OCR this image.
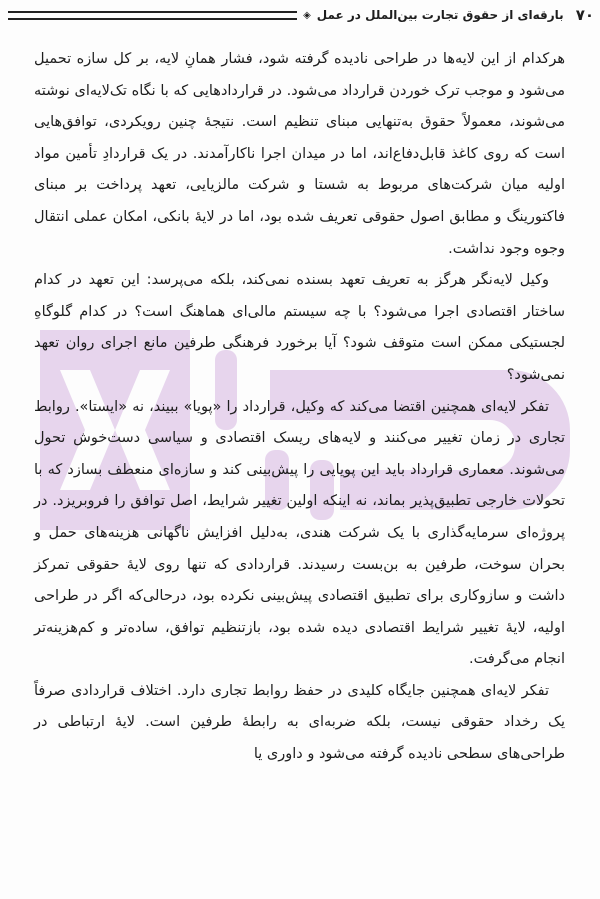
۷۰
بارقه‌ای از حقوق تجارت بین‌الملل در عمل
◈

هرکدام از این لایه‌ها در طراحی نادیده گرفته شود، فشار همانِ لایه، بر کل سازه تحمیل می‌شود و موجب ترک خوردن قرارداد می‌شود. در قراردادهایی که با نگاه تک‌لایه‌ای نوشته می‌شوند، معمولاً حقوق به‌تنهایی مبنای تنظیم است. نتیجهٔ چنین رویکردی، توافق‌هایی است که روی کاغذ قابل‌دفاع‌اند، اما در میدان اجرا ناکارآمدند. در یک قراردادِ تأمین مواد اولیه میان شرکت‌های مربوط به شستا و شرکت مالزیایی، تعهد پرداخت بر مبنای فاکتورینگ و مطابق اصول حقوقی تعریف شده بود، اما در لایهٔ بانکی، امکان عملی انتقال وجوه وجود نداشت.

وکیل لایه‌نگر هرگز به تعریف تعهد بسنده نمی‌کند، بلکه می‌پرسد: این تعهد در کدام ساختار اقتصادی اجرا می‌شود؟ با چه سیستم مالی‌ای هماهنگ است؟ در کدام گلوگاهِ لجستیکی ممکن است متوقف شود؟ آیا برخورد فرهنگی طرفین مانع اجرای روان تعهد نمی‌شود؟

تفکر لایه‌ای همچنین اقتضا می‌کند که وکیل، قرارداد را «پویا» ببیند، نه «ایستا». روابط تجاری در زمان تغییر می‌کنند و لایه‌های ریسک اقتصادی و سیاسی دست‌خوش تحول می‌شوند. معماری قرارداد باید این پویایی را پیش‌بینی کند و سازه‌ای منعطف بسازد که با تحولات خارجی تطبیق‌پذیر بماند، نه اینکه اولین تغییر شرایط، اصل توافق را فروبریزد. در پروژه‌ای سرمایه‌گذاری با یک شرکت هندی، به‌دلیل افزایش ناگهانی هزینه‌های حمل و بحران سوخت، طرفین به بن‌بست رسیدند. قراردادی که تنها روی لایهٔ حقوقی تمرکز داشت و سازوکاری برای تطبیق اقتصادی پیش‌بینی نکرده بود، درحالی‌که اگر در طراحی اولیه، لایهٔ تغییر شرایط اقتصادی دیده شده بود، بازتنظیم توافق، ساده‌تر و کم‌هزینه‌تر انجام می‌گرفت.

تفکر لایه‌ای همچنین جایگاه کلیدی در حفظ روابط تجاری دارد. اختلاف قراردادی صرفاً یک رخداد حقوقی نیست، بلکه ضربه‌ای به رابطهٔ طرفین است. لایهٔ ارتباطی در طراحی‌های سطحی نادیده گرفته می‌شود و داوری یا
